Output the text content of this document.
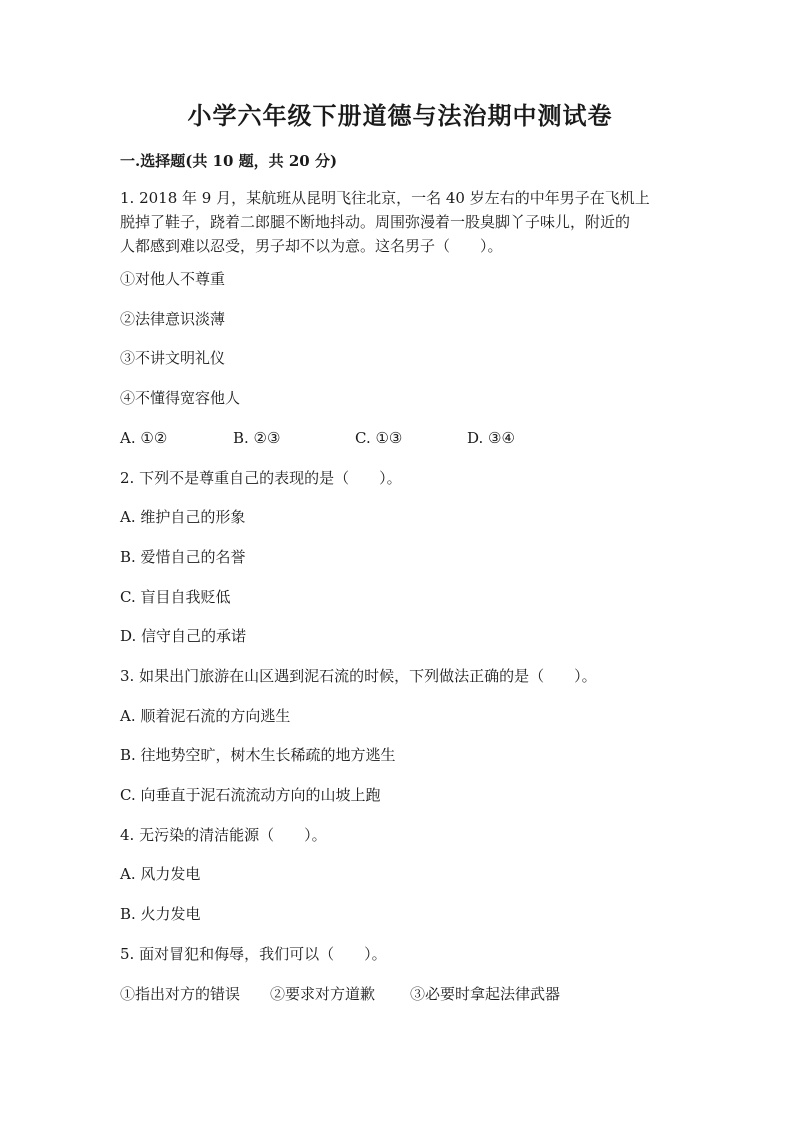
小学六年级下册道德与法治期中测试卷
一.选择题(共 10 题，共 20 分)
1. 2018 年 9 月，某航班从昆明飞往北京，一名 40 岁左右的中年男子在飞机上
脱掉了鞋子，跷着二郎腿不断地抖动。周围弥漫着一股臭脚丫子味儿，附近的
人都感到难以忍受，男子却不以为意。这名男子（　　）。
①对他人不尊重
②法律意识淡薄
③不讲文明礼仪
④不懂得宽容他人
A. ①②	B. ②③	C. ①③	D. ③④
2. 下列不是尊重自己的表现的是（　　）。
A. 维护自己的形象
B. 爱惜自己的名誉
C. 盲目自我贬低
D. 信守自己的承诺
3. 如果出门旅游在山区遇到泥石流的时候，下列做法正确的是（　　）。
A. 顺着泥石流的方向逃生
B. 往地势空旷，树木生长稀疏的地方逃生
C. 向垂直于泥石流流动方向的山坡上跑
4. 无污染的清洁能源（　　）。
A. 风力发电
B. 火力发电
5. 面对冒犯和侮辱，我们可以（　　）。
①指出对方的错误 ②要求对方道歉 ③必要时拿起法律武器
